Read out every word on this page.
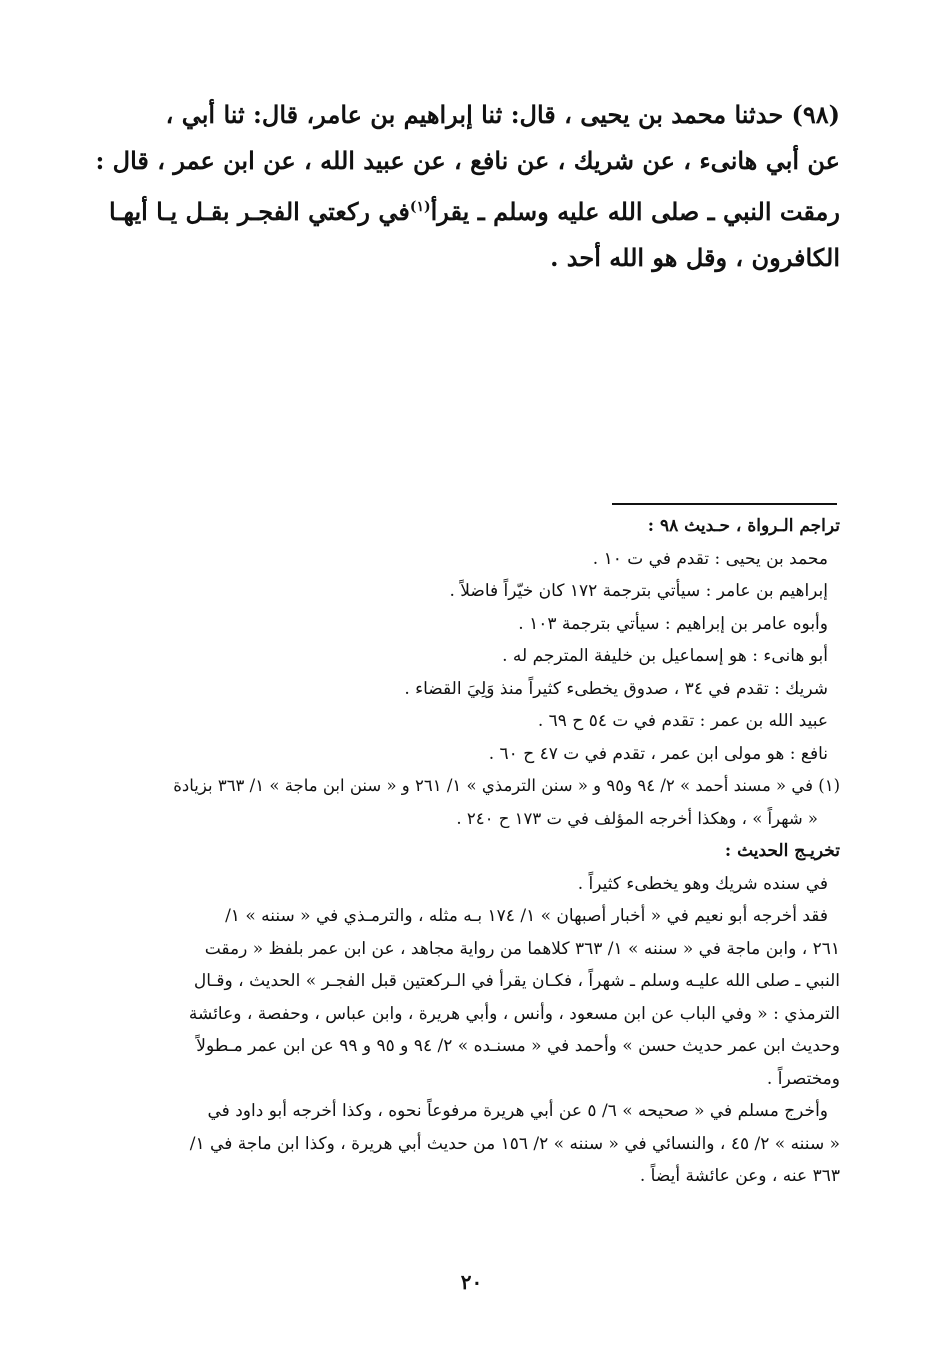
(٩٨) حدثنا محمد بن يحيى ، قال: ثنا إبراهيم بن عامر، قال: ثنا أبي ،
عن أبي هانىء ، عن شريك ، عن نافع ، عن عبيد الله ، عن ابن عمر ، قال :
رمقت النبي ـ صلى الله عليه وسلم ـ يقرأ$^{(١)}$في ركعتي الفجـر بقـل يـا أيهـا
الكافرون ، وقل هو الله أحد .
تراجم الـرواة ، حـديث ٩٨ :
محمد بن يحيى : تقدم في ت ١٠ .
إبراهيم بن عامر : سيأتي بترجمة ١٧٢ كان خيّراً فاضلاً .
وأبوه عامر بن إبراهيم : سيأتي بترجمة ١٠٣ .
أبو هانىء : هو إسماعيل بن خليفة المترجم له .
شريك : تقدم في ٣٤ ، صدوق يخطىء كثيراً منذ وَلِيَ القضاء .
عبيد الله بن عمر : تقدم في ت ٥٤ ح ٦٩ .
نافع : هو مولى ابن عمر ، تقدم في ت ٤٧ ح ٦٠ .
(١) في « مسند أحمد » ٢/ ٩٤ و٩٥ و « سنن الترمذي » ١/ ٢٦١ و « سنن ابن ماجة » ١/ ٣٦٣ بزيادة
« شهراً » ، وهكذا أخرجه المؤلف في ت ١٧٣ ح ٢٤٠ .
تخريـج الحديث :
في سنده شريك وهو يخطىء كثيراً .
فقد أخرجه أبو نعيم في « أخبار أصبهان » ١/ ١٧٤ بـه مثله ، والترمـذي في « سننه » ١/
٢٦١ ، وابن ماجة في « سننه » ١/ ٣٦٣ كلاهما من رواية مجاهد ، عن ابن عمر بلفظ « رمقت
النبي ـ صلى الله عليـه وسلم ـ شهراً ، فكـان يقرأ في الـركعتين قبل الفجـر » الحديث ، وقـال
الترمذي : « وفي الباب عن ابن مسعود ، وأنس ، وأبي هريرة ، وابن عباس ، وحفصة ، وعائشة
وحديث ابن عمر حديث حسن » وأحمد في « مسنـده » ٢/ ٩٤ و ٩٥ و ٩٩ عن ابن عمر مـطولاً
ومختصراً .
وأخرج مسلم في « صحيحه » ٦/ ٥ عن أبي هريرة مرفوعاً نحوه ، وكذا أخرجه أبو داود في
« سننه » ٢/ ٤٥ ، والنسائي في « سننه » ٢/ ١٥٦ من حديث أبي هريرة ، وكذا ابن ماجة في ١/
٣٦٣ عنه ، وعن عائشة أيضاً .
٢٠
